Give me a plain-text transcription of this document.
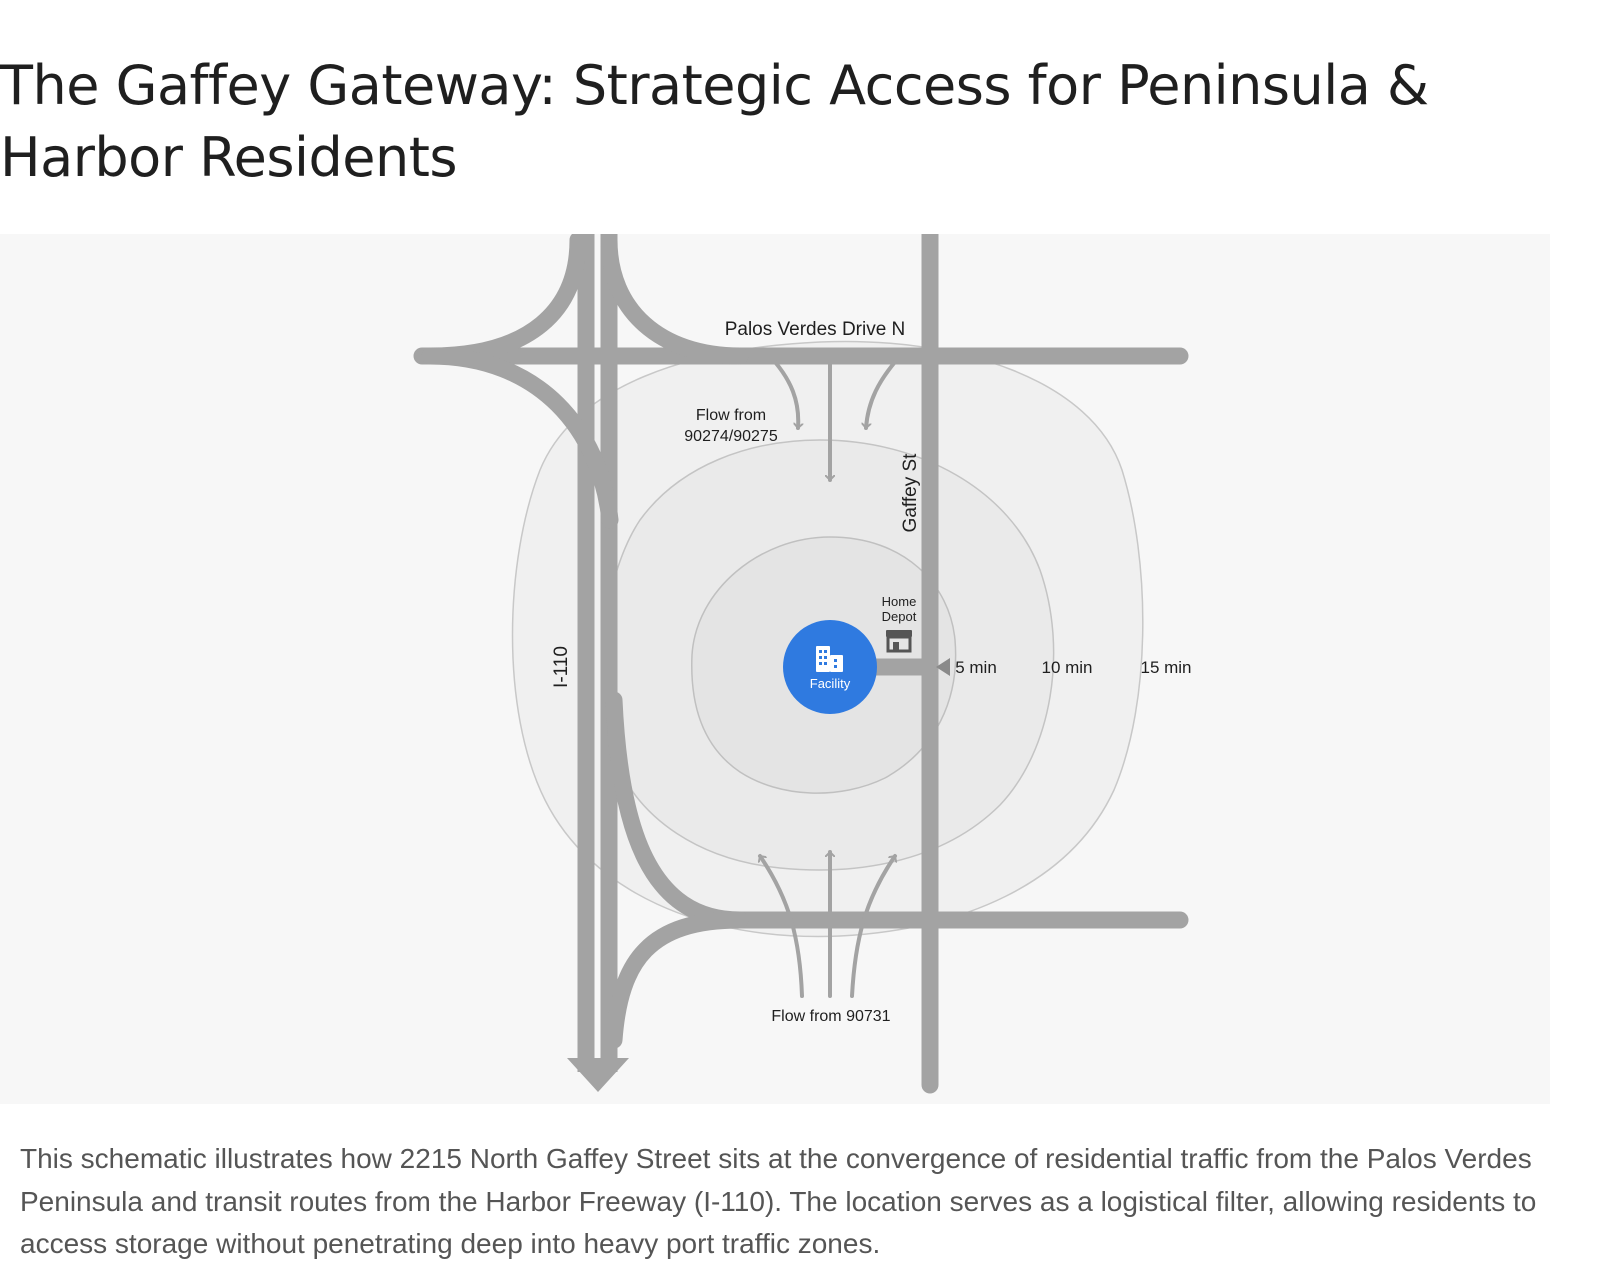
The Gaffey Gateway: Strategic Access for Peninsula & Harbor Residents
Facility
Home
Depot
Palos Verdes Drive N
Gaffey St
I-110
Flow from
90274/90275
Flow from 90731
5 min	10 min	15 min

This schematic illustrates how 2215 North Gaffey Street sits at the convergence of residential traffic from the Palos Verdes Peninsula and transit routes from the Harbor Freeway (I-110). The location serves as a logistical filter, allowing residents to access storage without penetrating deep into heavy port traffic zones.
